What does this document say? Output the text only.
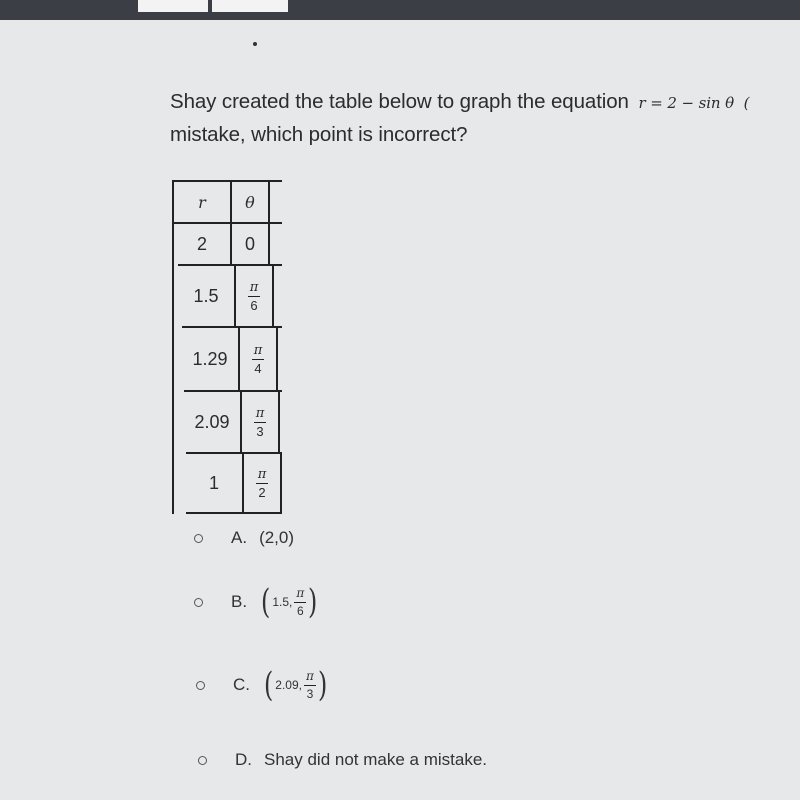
Shay created the table below to graph the equation r = 2 − sin θ (
mistake, which point is incorrect?
r	θ
2	0
1.5	$\frac{\pi}{6}$
1.29	$\frac{\pi}{4}$
2.09	$\frac{\pi}{3}$
1	$\frac{\pi}{2}$
A. (2,0)
B. ( 1.5, $\frac{\pi}{6}$ )
C. ( 2.09, $\frac{\pi}{3}$ )
D. Shay did not make a mistake.
